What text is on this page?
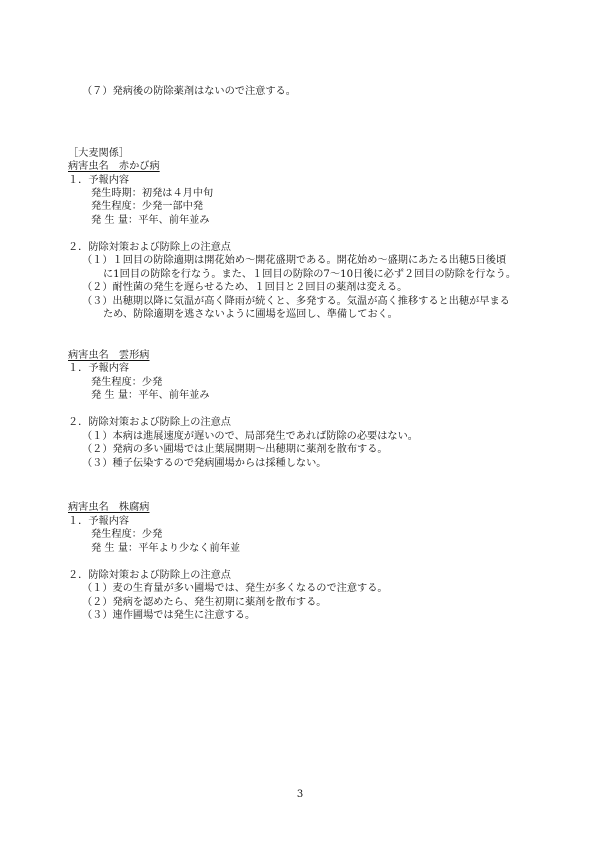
（７）発病後の防除薬剤はないので注意する。
［大麦関係］
病害虫名　赤かび病
１．予報内容
発生時期：初発は４月中旬
発生程度：少発一部中発
発 生 量：平年、前年並み
２．防除対策および防除上の注意点
（１）１回目の防除適期は開花始め～開花盛期である。開花始め～盛期にあたる出穂5日後頃
に1回目の防除を行なう。また、１回目の防除の7～10日後に必ず２回目の防除を行なう。
（２）耐性菌の発生を遅らせるため、１回目と２回目の薬剤は変える。
（３）出穂期以降に気温が高く降雨が続くと、多発する。気温が高く推移すると出穂が早まる
ため、防除適期を逃さないように圃場を巡回し、準備しておく。
病害虫名　雲形病
１．予報内容
発生程度：少発
発 生 量：平年、前年並み
２．防除対策および防除上の注意点
（１）本病は進展速度が遅いので、局部発生であれば防除の必要はない。
（２）発病の多い圃場では止葉展開期～出穂期に薬剤を散布する。
（３）種子伝染するので発病圃場からは採種しない。
病害虫名　株腐病
１．予報内容
発生程度：少発
発 生 量：平年より少なく前年並
２．防除対策および防除上の注意点
（１）麦の生育量が多い圃場では、発生が多くなるので注意する。
（２）発病を認めたら、発生初期に薬剤を散布する。
（３）連作圃場では発生に注意する。
3
